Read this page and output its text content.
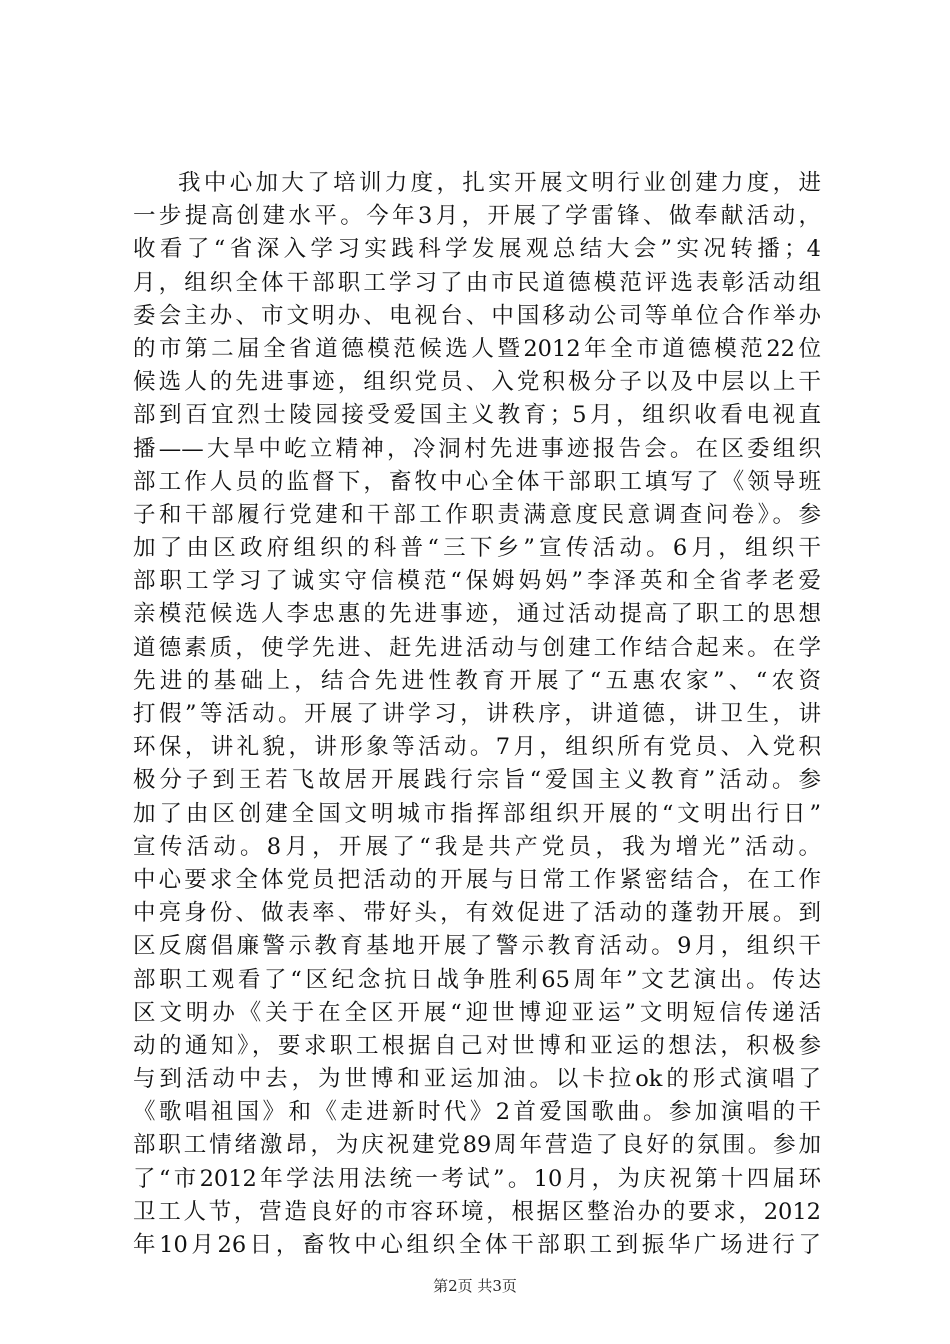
我中心加大了培训力度，扎实开展文明行业创建力度，进
一步提高创建水平。今年3月，开展了学雷锋、做奉献活动，
收看了“省深入学习实践科学发展观总结大会”实况转播；4
月，组织全体干部职工学习了由市民道德模范评选表彰活动组
委会主办、市文明办、电视台、中国移动公司等单位合作举办
的市第二届全省道德模范候选人暨2012年全市道德模范22位
候选人的先进事迹，组织党员、入党积极分子以及中层以上干
部到百宜烈士陵园接受爱国主义教育；5月，组织收看电视直
播——大旱中屹立精神，冷洞村先进事迹报告会。在区委组织
部工作人员的监督下，畜牧中心全体干部职工填写了《领导班
子和干部履行党建和干部工作职责满意度民意调查问卷》。参
加了由区政府组织的科普“三下乡”宣传活动。6月，组织干
部职工学习了诚实守信模范“保姆妈妈”李泽英和全省孝老爱
亲模范候选人李忠惠的先进事迹，通过活动提高了职工的思想
道德素质，使学先进、赶先进活动与创建工作结合起来。在学
先进的基础上，结合先进性教育开展了“五惠农家”、“农资
打假”等活动。开展了讲学习，讲秩序，讲道德，讲卫生，讲
环保，讲礼貌，讲形象等活动。7月，组织所有党员、入党积
极分子到王若飞故居开展践行宗旨“爱国主义教育”活动。参
加了由区创建全国文明城市指挥部组织开展的“文明出行日”
宣传活动。8月，开展了“我是共产党员，我为增光”活动。
中心要求全体党员把活动的开展与日常工作紧密结合，在工作
中亮身份、做表率、带好头，有效促进了活动的蓬勃开展。到
区反腐倡廉警示教育基地开展了警示教育活动。9月，组织干
部职工观看了“区纪念抗日战争胜利65周年”文艺演出。传达
区文明办《关于在全区开展“迎世博迎亚运”文明短信传递活
动的通知》，要求职工根据自己对世博和亚运的想法，积极参
与到活动中去，为世博和亚运加油。以卡拉ok的形式演唱了
《歌唱祖国》和《走进新时代》2首爱国歌曲。参加演唱的干
部职工情绪激昂，为庆祝建党89周年营造了良好的氛围。参加
了“市2012年学法用法统一考试”。10月，为庆祝第十四届环
卫工人节，营造良好的市容环境，根据区整治办的要求，2012
年10月26日，畜牧中心组织全体干部职工到振华广场进行了
第2页 共3页
